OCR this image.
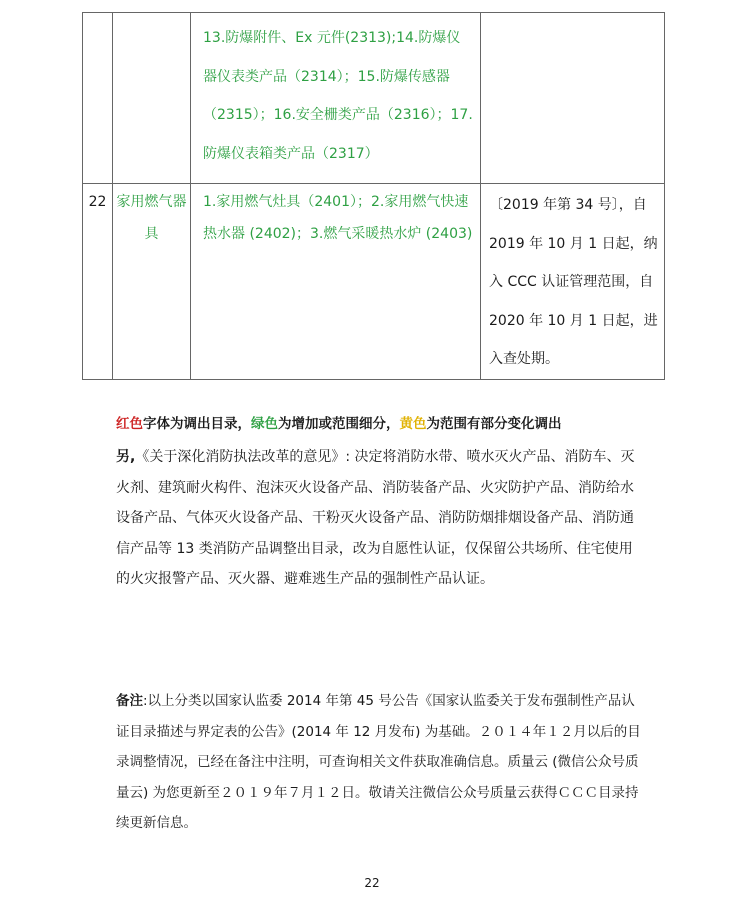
		13.防爆附件、Ex 元件(2313);14.防爆仪器仪表类产品（2314）；15.防爆传感器（2315）；16.安全栅类产品（2316）；17.防爆仪表箱类产品（2317）	
22	家用燃气器具	1.家用燃气灶具（2401）；2.家用燃气快速热水器 (2402)；3.燃气采暖热水炉 (2403)	〔2019 年第 34 号〕，自 2019 年 10 月 1 日起，纳入 CCC 认证管理范围，自 2020 年 10 月 1 日起，进入查处期。
红色字体为调出目录，绿色为增加或范围细分，黄色为范围有部分变化调出
另,《关于深化消防执法改革的意见》: 决定将消防水带、喷水灭火产品、消防车、灭火剂、建筑耐火构件、泡沫灭火设备产品、消防装备产品、火灾防护产品、消防给水设备产品、气体灭火设备产品、干粉灭火设备产品、消防防烟排烟设备产品、消防通信产品等 13 类消防产品调整出目录，改为自愿性认证，仅保留公共场所、住宅使用的火灾报警产品、灭火器、避难逃生产品的强制性产品认证。
备注:以上分类以国家认监委 2014 年第 45 号公告《国家认监委关于发布强制性产品认证目录描述与界定表的公告》(2014 年 12 月发布) 为基础。２０１４年１２月以后的目录调整情况，已经在备注中注明，可查询相关文件获取准确信息。质量云 (微信公众号质量云) 为您更新至２０１９年７月１２日。敬请关注微信公众号质量云获得ＣＣＣ目录持续更新信息。
22
